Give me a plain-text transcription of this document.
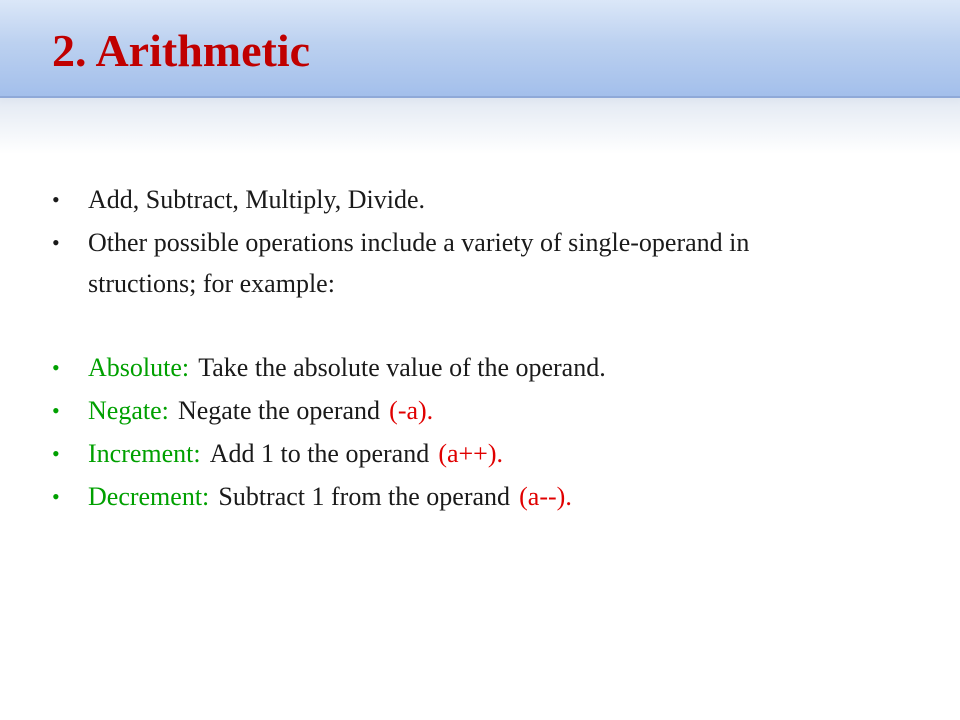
2. Arithmetic
•	Add, Subtract, Multiply, Divide.
•	Other possible operations include a variety of single-operand in
structions; for example:
•	Absolute: Take the absolute value of the operand.
•	Negate: Negate the operand (-a).
•	Increment: Add 1 to the operand (a++).
•	Decrement: Subtract 1 from the operand (a--).
